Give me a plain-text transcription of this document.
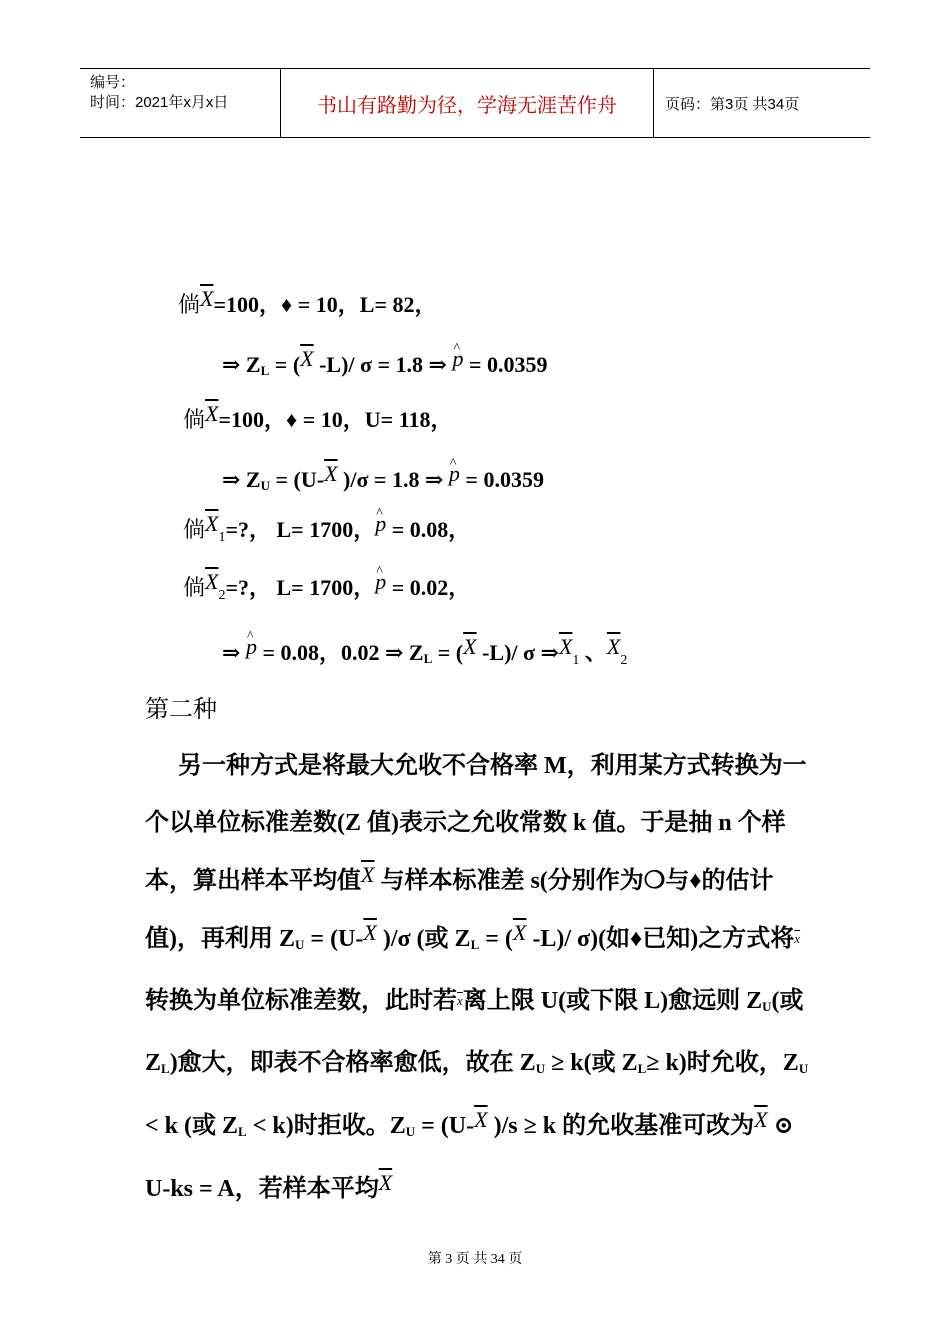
编号：
时间：2021年x月x日	书山有路勤为径，学海无涯苦作舟	页码：第3页 共34页
倘$\overline{X}=100$，♦ = 10，L= 82，
⇒ $Z_L = (\overline{X}$ -L)/ σ = 1.8 ⇒ ^ p = 0.0359
倘$\overline{X}=100$，♦ = 10，U= 118，
⇒ $Z_U = (U-\overline{X}$ )/σ = 1.8 ⇒ ^ p = 0.0359
倘$\overline{X}1=$?， L= 1700，^ p = 0.08，
倘$\overline{X}2=$?， L= 1700，^ p = 0.02，
⇒ ^ p = 0.08，0.02 ⇒ $Z_L = (\overline{X}$ -L)/ σ $\Rightarrow\overline{X}1$ 、$\overline{X}2$
第二种
另一种方式是将最大允收不合格率 M，利用某方式转换为一个以单位标准差数(Z 值)表示之允收常数 k 值。于是抽 n 个样本，算出样本平均值$\overline{X}$ 与样本标准差 s(分别作为❍与♦的估计值)，再利用 $Z_U = (U-\overline{X}$ )/σ (或 $Z_L = (\overline{X}$ -L)/ σ)(如♦已知)之方式将$\overline{x}$转换为单位标准差数，此时若$\overline{x}$离上限 U(或下限 L)愈远则 $Z_U$(或 $Z_L$)愈大，即表不合格率愈低，故在 $Z_U \ge k$(或 $Z_L\ge k$)时允收，$Z_U < k$ (或 $Z_L < k$)时拒收。$Z_U = (U-\overline{X}$ )/s ≥ k 的允收基准可改为$\overline{X}$ ⊙ U-ks = A，若样本平均$\overline{X}$
第 3 页 共 34 页
